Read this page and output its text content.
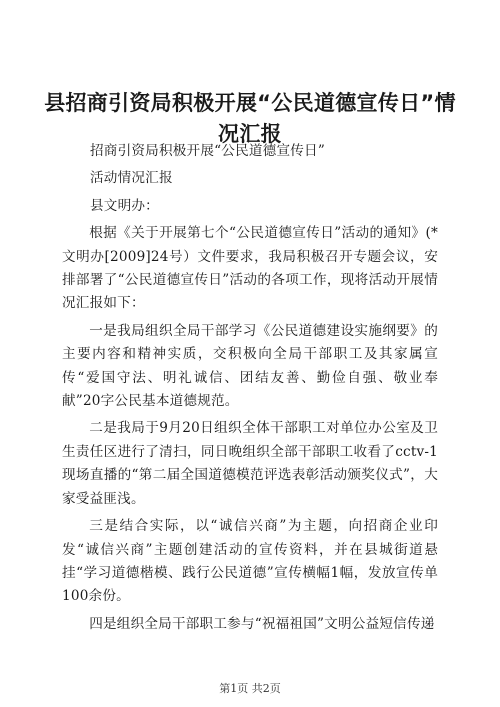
县招商引资局积极开展“公民道德宣传日”情况汇报

招商引资局积极开展“公民道德宣传日”

活动情况汇报

县文明办：

根据《关于开展第七个“公民道德宣传日”活动的通知》(*文明办[2009]24号）文件要求，我局积极召开专题会议，安排部署了“公民道德宣传日”活动的各项工作，现将活动开展情况汇报如下：

一是我局组织全局干部学习《公民道德建设实施纲要》的主要内容和精神实质，交积极向全局干部职工及其家属宣传“爱国守法、明礼诚信、团结友善、勤俭自强、敬业奉献”20字公民基本道德规范。

二是我局于9月20日组织全体干部职工对单位办公室及卫生责任区进行了清扫，同日晚组织全部干部职工收看了cctv-1现场直播的“第二届全国道德模范评选表彰活动颁奖仪式”，大家受益匪浅。

三是结合实际，以“诚信兴商”为主题，向招商企业印发“诚信兴商”主题创建活动的宣传资料，并在县城街道悬挂“学习道德楷模、践行公民道德”宣传横幅1幅，发放宣传单100余份。

四是组织全局干部职工参与“祝福祖国”文明公益短信传递

第1页 共2页
